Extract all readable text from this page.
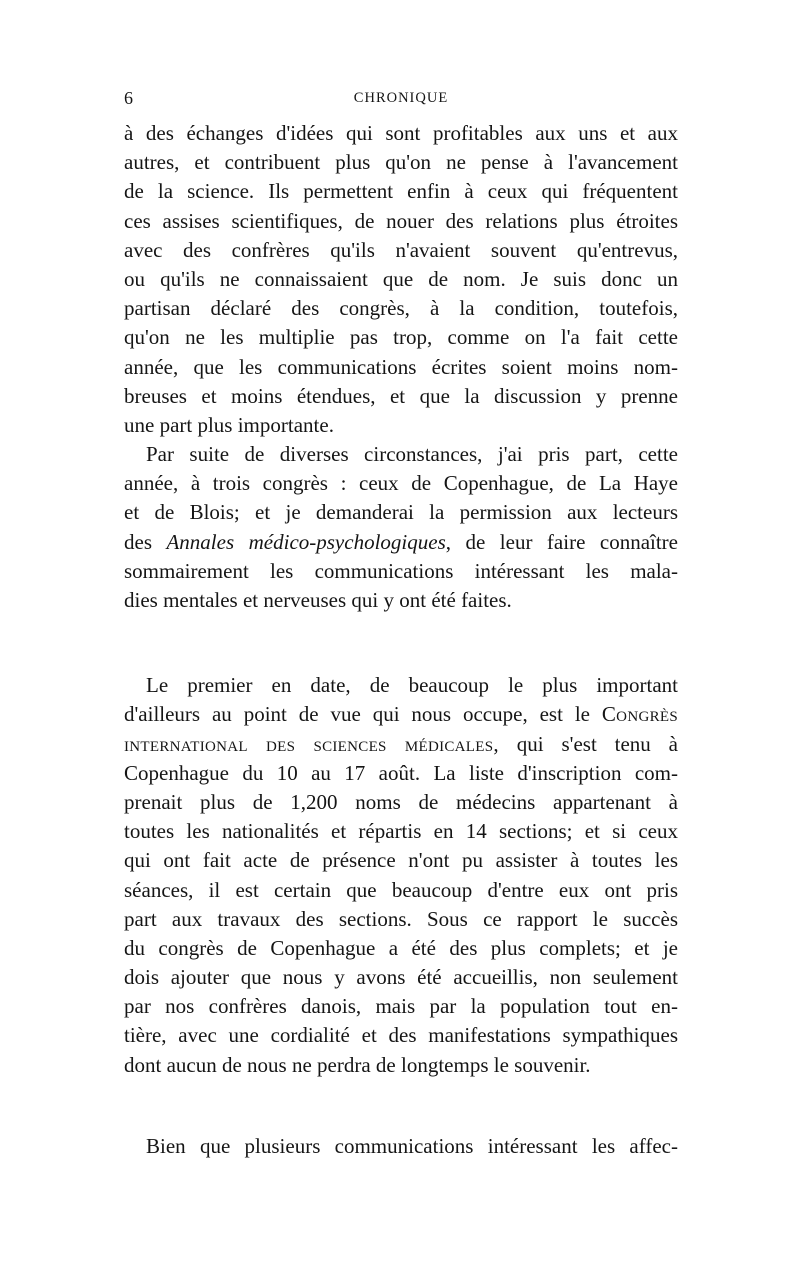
6	CHRONIQUE
à des échanges d'idées qui sont profitables aux uns et aux
autres, et contribuent plus qu'on ne pense à l'avancement
de la science. Ils permettent enfin à ceux qui fréquentent
ces assises scientifiques, de nouer des relations plus étroites
avec des confrères qu'ils n'avaient souvent qu'entrevus,
ou qu'ils ne connaissaient que de nom. Je suis donc un
partisan déclaré des congrès, à la condition, toutefois,
qu'on ne les multiplie pas trop, comme on l'a fait cette
année, que les communications écrites soient moins nom-
breuses et moins étendues, et que la discussion y prenne
une part plus importante.
Par suite de diverses circonstances, j'ai pris part, cette
année, à trois congrès : ceux de Copenhague, de La Haye
et de Blois; et je demanderai la permission aux lecteurs
des Annales médico-psychologiques, de leur faire connaître
sommairement les communications intéressant les mala-
dies mentales et nerveuses qui y ont été faites.
Le premier en date, de beaucoup le plus important
d'ailleurs au point de vue qui nous occupe, est le Congrès
international des sciences médicales, qui s'est tenu à
Copenhague du 10 au 17 août. La liste d'inscription com-
prenait plus de 1,200 noms de médecins appartenant à
toutes les nationalités et répartis en 14 sections; et si ceux
qui ont fait acte de présence n'ont pu assister à toutes les
séances, il est certain que beaucoup d'entre eux ont pris
part aux travaux des sections. Sous ce rapport le succès
du congrès de Copenhague a été des plus complets; et je
dois ajouter que nous y avons été accueillis, non seulement
par nos confrères danois, mais par la population tout en-
tière, avec une cordialité et des manifestations sympathiques
dont aucun de nous ne perdra de longtemps le souvenir.
Bien que plusieurs communications intéressant les affec-
